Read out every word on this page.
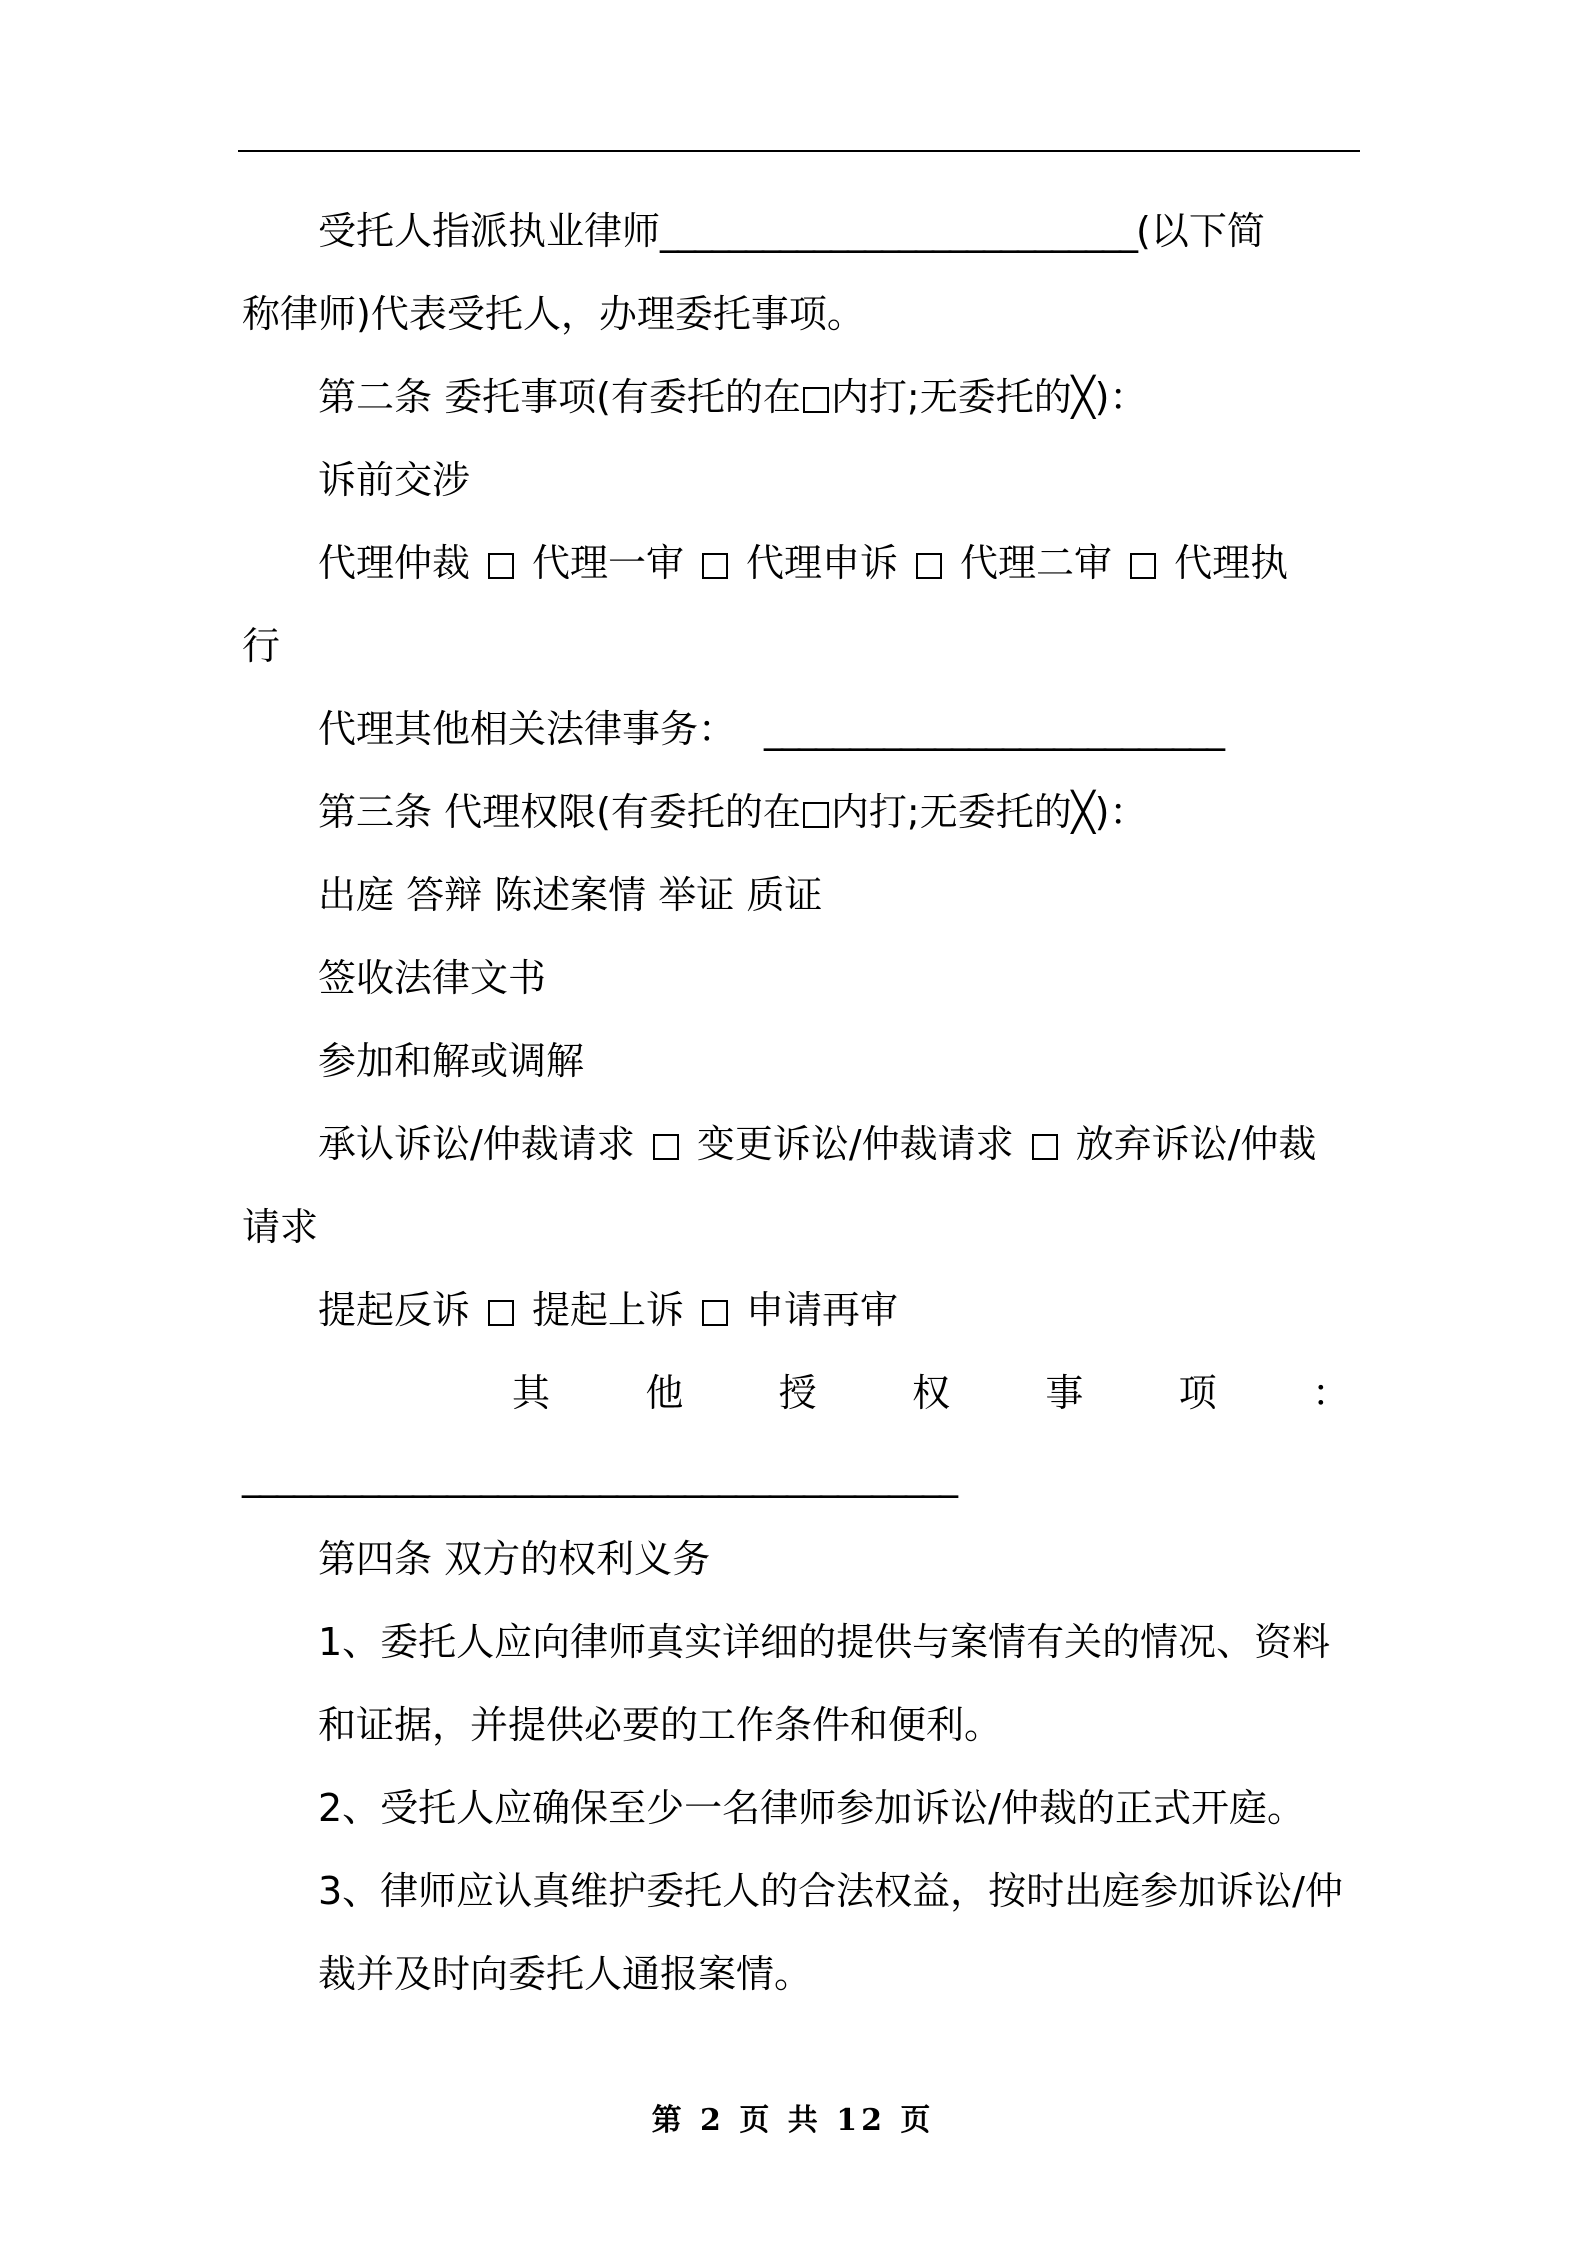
受托人指派执业律师____________________________(以下简

称律师)代表受托人，办理委托事项。

第二条 委托事项(有委托的在 内打;无委托的╳)：

诉前交涉

代理仲裁 代理一审 代理申诉 代理二审 代理执

行

代理其他相关法律事务： ___________________________

第三条 代理权限(有委托的在 内打;无委托的╳)：

出庭 答辩 陈述案情 举证 质证

签收法律文书

参加和解或调解

承认诉讼/仲裁请求 变更诉讼/仲裁请求 放弃诉讼/仲裁

请求

提起反诉 提起上诉 申请再审

其	他	授	权	事	项	：

__________________________________________

第四条 双方的权利义务

1、委托人应向律师真实详细的提供与案情有关的情况、资料和证据，并提供必要的工作条件和便利。

2、受托人应确保至少一名律师参加诉讼/仲裁的正式开庭。

3、律师应认真维护委托人的合法权益，按时出庭参加诉讼/仲裁并及时向委托人通报案情。

第 2 页 共 12 页
